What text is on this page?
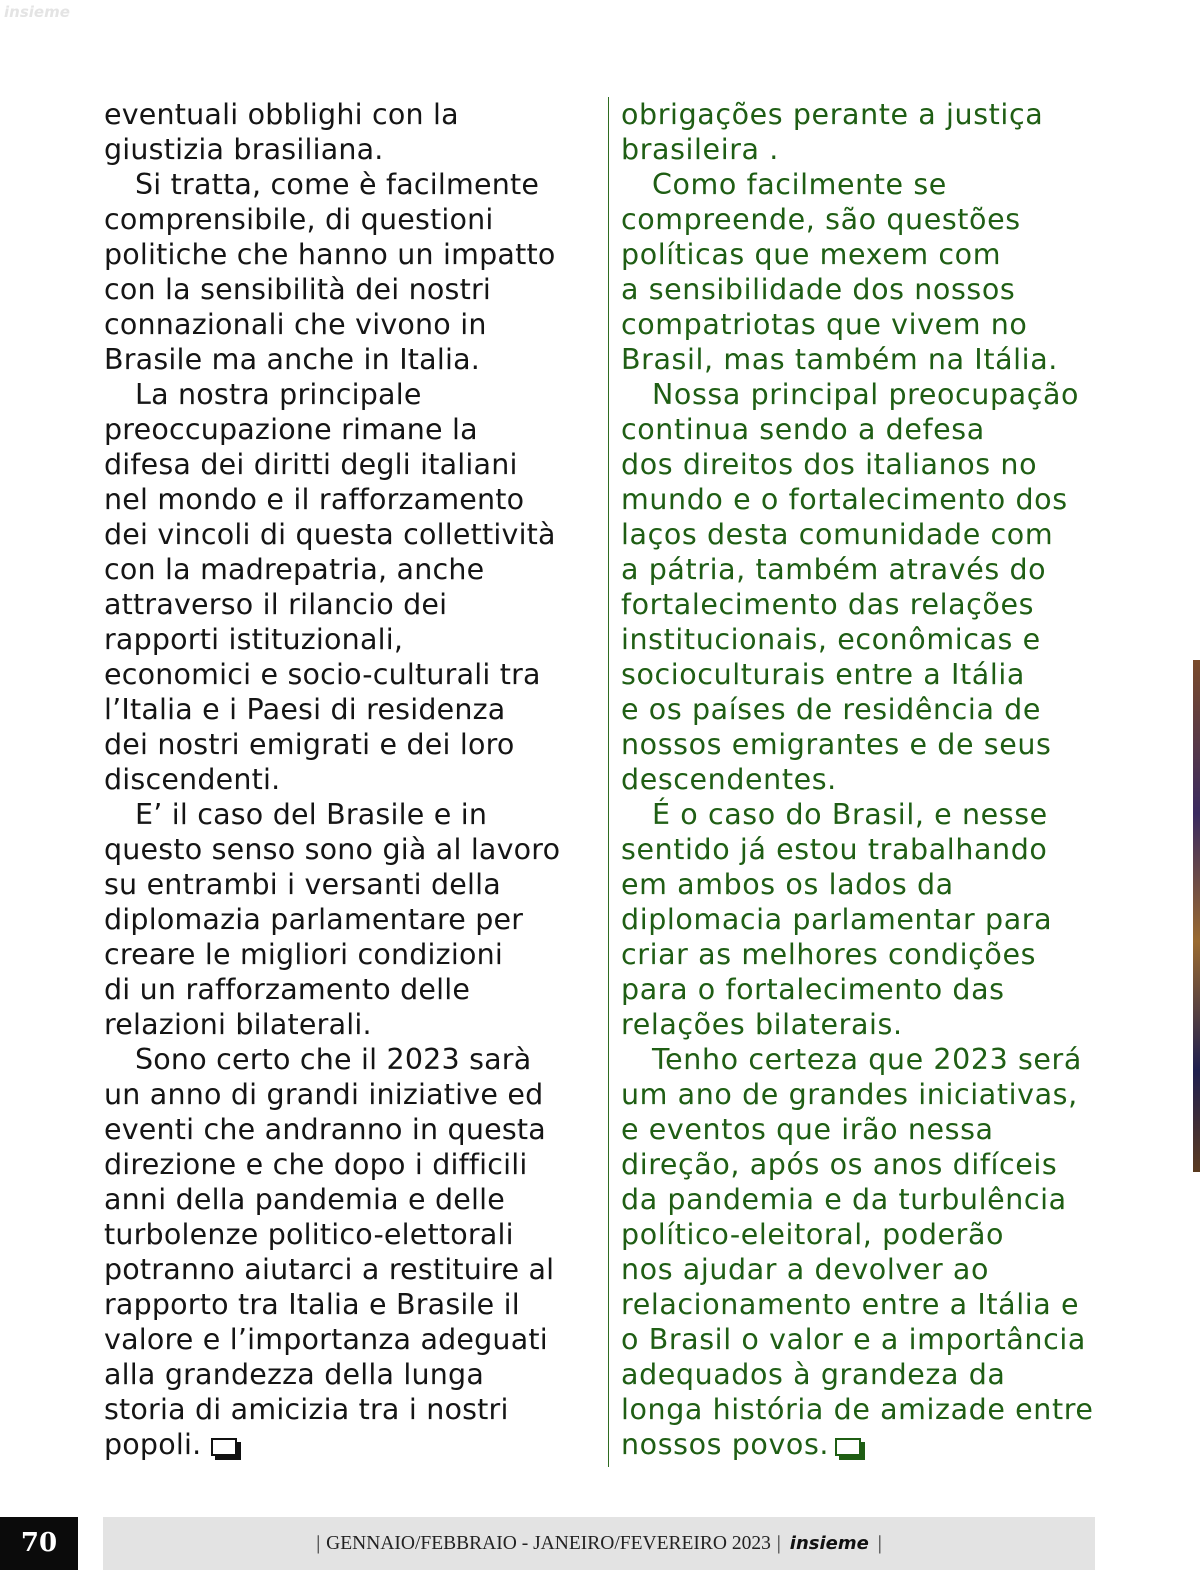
insieme

eventuali obblighi con la

giustizia brasiliana.

Si tratta, come è facilmente

comprensibile, di questioni

politiche che hanno un impatto

con la sensibilità dei nostri

connazionali che vivono in

Brasile ma anche in Italia.

La nostra principale

preoccupazione rimane la

difesa dei diritti degli italiani

nel mondo e il rafforzamento

dei vincoli di questa collettività

con la madrepatria, anche

attraverso il rilancio dei

rapporti istituzionali,

economici e socio-culturali tra

l’Italia e i Paesi di residenza

dei nostri emigrati e dei loro

discendenti.

E’ il caso del Brasile e in

questo senso sono già al lavoro

su entrambi i versanti della

diplomazia parlamentare per

creare le migliori condizioni

di un rafforzamento delle

relazioni bilaterali.

Sono certo che il 2023 sarà

un anno di grandi iniziative ed

eventi che andranno in questa

direzione e che dopo i difficili

anni della pandemia e delle

turbolenze politico-elettorali

potranno aiutarci a restituire al

rapporto tra Italia e Brasile il

valore e l’importanza adeguati

alla grandezza della lunga

storia di amicizia tra i nostri

popoli.

obrigações perante a justiça

brasileira .

Como facilmente se

compreende, são questões

políticas que mexem com

a sensibilidade dos nossos

compatriotas que vivem no

Brasil, mas também na Itália.

Nossa principal preocupação

continua sendo a defesa

dos direitos dos italianos no

mundo e o fortalecimento dos

laços desta comunidade com

a pátria, também através do

fortalecimento das relações

institucionais, econômicas e

socioculturais entre a Itália

e os países de residência de

nossos emigrantes e de seus

descendentes.

É o caso do Brasil, e nesse

sentido já estou trabalhando

em ambos os lados da

diplomacia parlamentar para

criar as melhores condições

para o fortalecimento das

relações bilaterais.

Tenho certeza que 2023 será

um ano de grandes iniciativas,

e eventos que irão nessa

direção, após os anos difíceis

da pandemia e da turbulência

político-eleitoral, poderão

nos ajudar a devolver ao

relacionamento entre a Itália e

o Brasil o valor e a importância

adequados à grandeza da

longa história de amizade entre

nossos povos.

70	| GENNAIO/FEBBRAIO - JANEIRO/FEVEREIRO 2023 | insieme |
